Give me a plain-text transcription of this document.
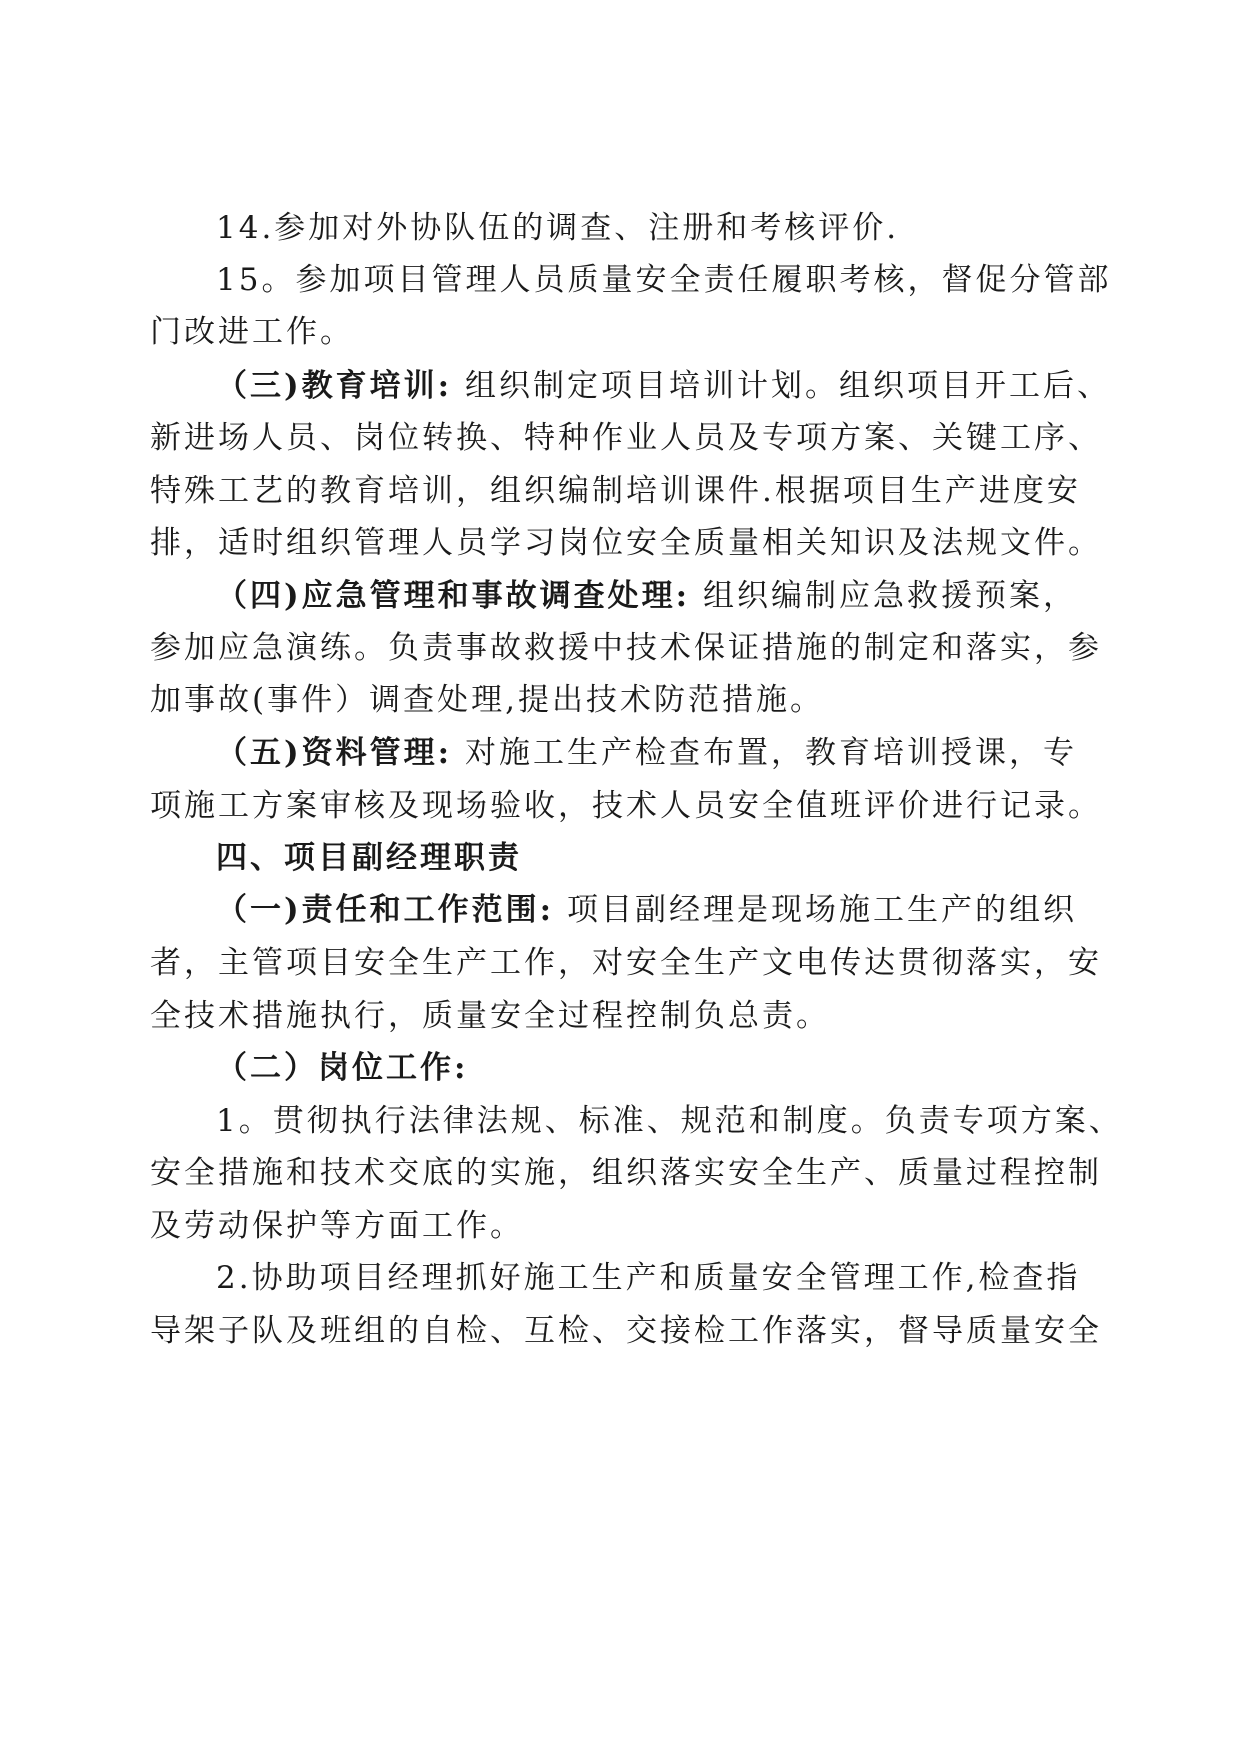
14.参加对外协队伍的调查、注册和考核评价.
15。参加项目管理人员质量安全责任履职考核，督促分管部
门改进工作。
（三)教育培训: 组织制定项目培训计划。组织项目开工后、
新进场人员、岗位转换、特种作业人员及专项方案、关键工序、
特殊工艺的教育培训，组织编制培训课件.根据项目生产进度安
排，适时组织管理人员学习岗位安全质量相关知识及法规文件。
（四)应急管理和事故调查处理: 组织编制应急救援预案，
参加应急演练。负责事故救援中技术保证措施的制定和落实，参
加事故(事件）调查处理,提出技术防范措施。
（五)资料管理: 对施工生产检查布置，教育培训授课，专
项施工方案审核及现场验收，技术人员安全值班评价进行记录。
四、项目副经理职责
（一)责任和工作范围: 项目副经理是现场施工生产的组织
者，主管项目安全生产工作，对安全生产文电传达贯彻落实，安
全技术措施执行，质量安全过程控制负总责。
（二）岗位工作:
1。贯彻执行法律法规、标准、规范和制度。负责专项方案、
安全措施和技术交底的实施，组织落实安全生产、质量过程控制
及劳动保护等方面工作。
2.协助项目经理抓好施工生产和质量安全管理工作,检查指
导架子队及班组的自检、互检、交接检工作落实，督导质量安全
